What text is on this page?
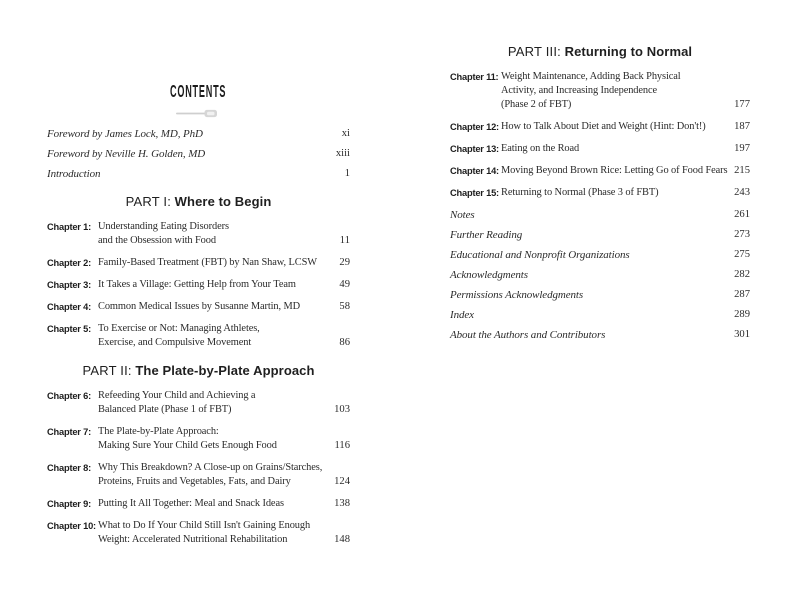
CONTENTS
Foreword by James Lock, MD, PhD	xi
Foreword by Neville H. Golden, MD	xiii
Introduction	1
PART I: Where to Begin
Chapter 1: Understanding Eating Disorders
and the Obsession with Food	11
Chapter 2: Family-Based Treatment (FBT) by Nan Shaw, LCSW	29
Chapter 3: It Takes a Village: Getting Help from Your Team	49
Chapter 4: Common Medical Issues by Susanne Martin, MD	58
Chapter 5: To Exercise or Not: Managing Athletes,
Exercise, and Compulsive Movement	86
PART II: The Plate-by-Plate Approach
Chapter 6: Refeeding Your Child and Achieving a
Balanced Plate (Phase 1 of FBT)	103
Chapter 7: The Plate-by-Plate Approach:
Making Sure Your Child Gets Enough Food	116
Chapter 8: Why This Breakdown? A Close-up on Grains/Starches,
Proteins, Fruits and Vegetables, Fats, and Dairy	124
Chapter 9: Putting It All Together: Meal and Snack Ideas	138
Chapter 10: What to Do If Your Child Still Isn't Gaining Enough
Weight: Accelerated Nutritional Rehabilitation	148
PART III: Returning to Normal
Chapter 11: Weight Maintenance, Adding Back Physical
Activity, and Increasing Independence
(Phase 2 of FBT)	177
Chapter 12: How to Talk About Diet and Weight (Hint: Don't!)	187
Chapter 13: Eating on the Road	197
Chapter 14: Moving Beyond Brown Rice: Letting Go of Food Fears 215
Chapter 15: Returning to Normal (Phase 3 of FBT)	243
Notes	261
Further Reading	273
Educational and Nonprofit Organizations	275
Acknowledgments	282
Permissions Acknowledgments	287
Index	289
About the Authors and Contributors	301
